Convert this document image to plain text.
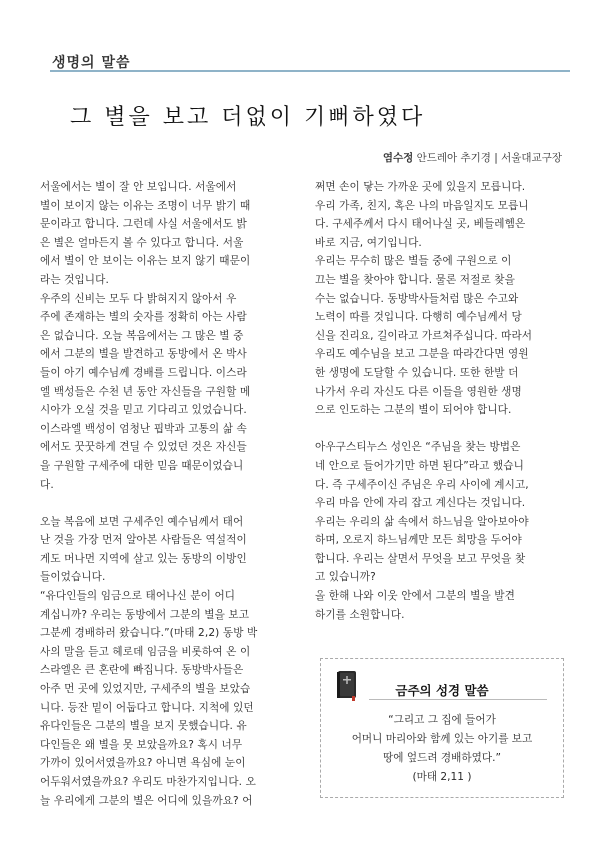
생명의 말씀
그 별을 보고 더없이 기뻐하였다
염수정 안드레아 추기경 | 서울대교구장
서울에서는 별이 잘 안 보입니다. 서울에서
별이 보이지 않는 이유는 조명이 너무 밝기 때
문이라고 합니다. 그런데 사실 서울에서도 밝
은 별은 얼마든지 볼 수 있다고 합니다. 서울
에서 별이 안 보이는 이유는 보지 않기 때문이
라는 것입니다.
우주의 신비는 모두 다 밝혀지지 않아서 우
주에 존재하는 별의 숫자를 정확히 아는 사람
은 없습니다. 오늘 복음에서는 그 많은 별 중
에서 그분의 별을 발견하고 동방에서 온 박사
들이 아기 예수님께 경배를 드립니다. 이스라
엘 백성들은 수천 년 동안 자신들을 구원할 메
시아가 오실 것을 믿고 기다리고 있었습니다.
이스라엘 백성이 엄청난 핍박과 고통의 삶 속
에서도 꿋꿋하게 견딜 수 있었던 것은 자신들
을 구원할 구세주에 대한 믿음 때문이었습니
다.
오늘 복음에 보면 구세주인 예수님께서 태어
난 것을 가장 먼저 알아본 사람들은 역설적이
게도 머나먼 지역에 살고 있는 동방의 이방인
들이었습니다.
“유다인들의 임금으로 태어나신 분이 어디
계십니까? 우리는 동방에서 그분의 별을 보고
그분께 경배하러 왔습니다.”(마태 2,2) 동방 박
사의 말을 듣고 헤로데 임금을 비롯하여 온 이
스라엘은 큰 혼란에 빠집니다. 동방박사들은
아주 먼 곳에 있었지만, 구세주의 별을 보았습
니다. 등잔 밑이 어둡다고 합니다. 지척에 있던
유다인들은 그분의 별을 보지 못했습니다. 유
다인들은 왜 별을 못 보았을까요? 혹시 너무
가까이 있어서였을까요? 아니면 욕심에 눈이
어두워서였을까요? 우리도 마찬가지입니다. 오
늘 우리에게 그분의 별은 어디에 있을까요? 어
쩌면 손이 닿는 가까운 곳에 있을지 모릅니다.
우리 가족, 친지, 혹은 나의 마음일지도 모릅니
다. 구세주께서 다시 태어나실 곳, 베들레헴은
바로 지금, 여기입니다.
우리는 무수히 많은 별들 중에 구원으로 이
끄는 별을 찾아야 합니다. 물론 저절로 찾을
수는 없습니다. 동방박사들처럼 많은 수고와
노력이 따를 것입니다. 다행히 예수님께서 당
신을 진리요, 길이라고 가르쳐주십니다. 따라서
우리도 예수님을 보고 그분을 따라간다면 영원
한 생명에 도달할 수 있습니다. 또한 한발 더
나가서 우리 자신도 다른 이들을 영원한 생명
으로 인도하는 그분의 별이 되어야 합니다.
아우구스티누스 성인은 “주님을 찾는 방법은
네 안으로 들어가기만 하면 된다”라고 했습니
다. 즉 구세주이신 주님은 우리 사이에 계시고,
우리 마음 안에 자리 잡고 계신다는 것입니다.
우리는 우리의 삶 속에서 하느님을 알아보아야
하며, 오로지 하느님께만 모든 희망을 두어야
합니다. 우리는 살면서 무엇을 보고 무엇을 찾
고 있습니까?
올 한해 나와 이웃 안에서 그분의 별을 발견
하기를 소원합니다.
금주의 성경 말씀
“그리고 그 집에 들어가
어머니 마리아와 함께 있는 아기를 보고
땅에 엎드려 경배하였다.”
(마태 2,11 )
